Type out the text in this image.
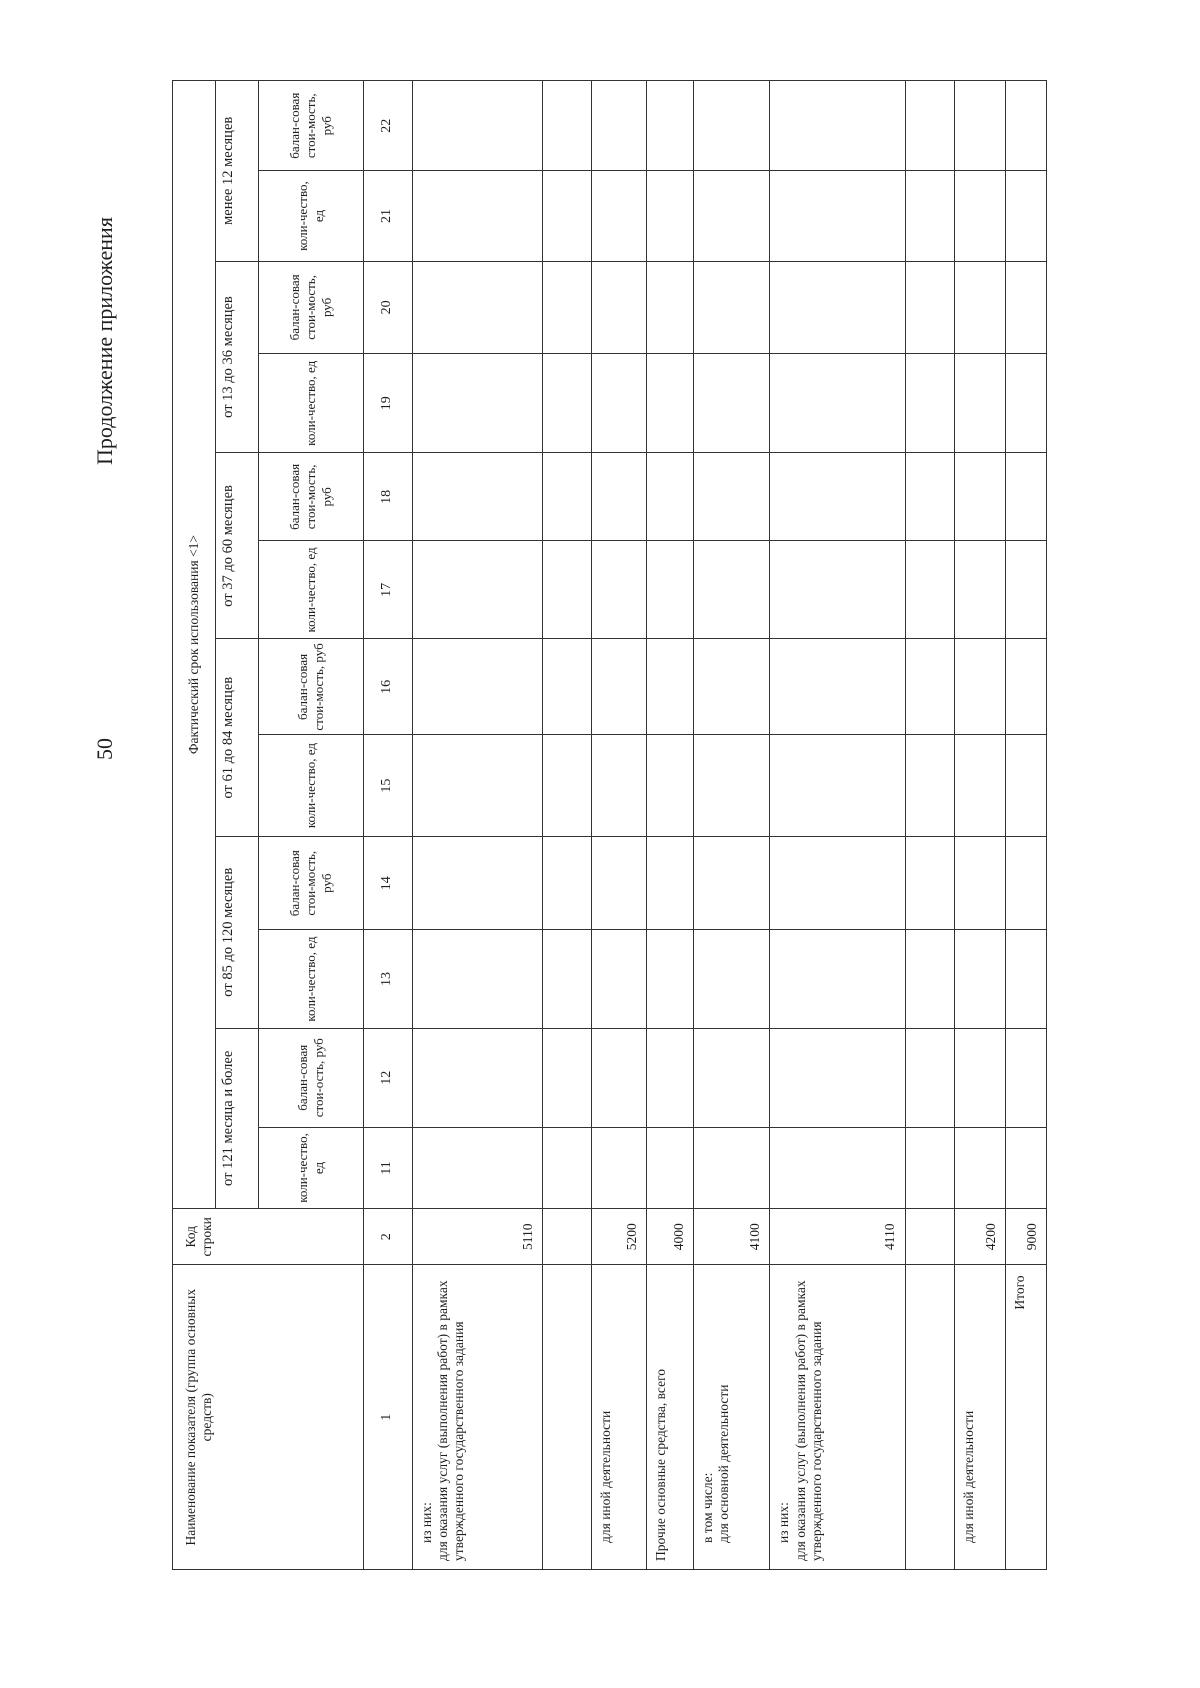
50
Продолжение приложения
Наименование показателя (группа основных средств)	Код строки	Фактический срок использования <1>											
		от 121 месяца и более		от 85 до 120 месяцев		от 61 до 84 месяцев		от 37 до 60 месяцев		от 13 до 36 месяцев		менее 12 месяцев	
		коли-чество, ед	балан-совая стои-ость, руб	коли-чество, ед	балан-совая стои-мость, руб	коли-чество, ед	балан-совая стои-мость, руб	коли-чество, ед	балан-совая стои-мость, руб	коли-чество, ед	балан-совая стои-мость, руб	коли-чество, ед	балан-совая стои-мость, руб
1	2	11	12	13	14	15	16	17	18	19	20	21	22

из них: для оказания услуг (выполнения работ) в рамках утвержденного государственного задания	5110												

для иной деятельности	5200												
Прочие основные средства, всего	4000												

в том числе: для основной деятельности	4100												

из них: для оказания услуг (выполнения работ) в рамках утвержденного государственного задания	4110												

для иной деятельности	4200												
Итого	9000												
